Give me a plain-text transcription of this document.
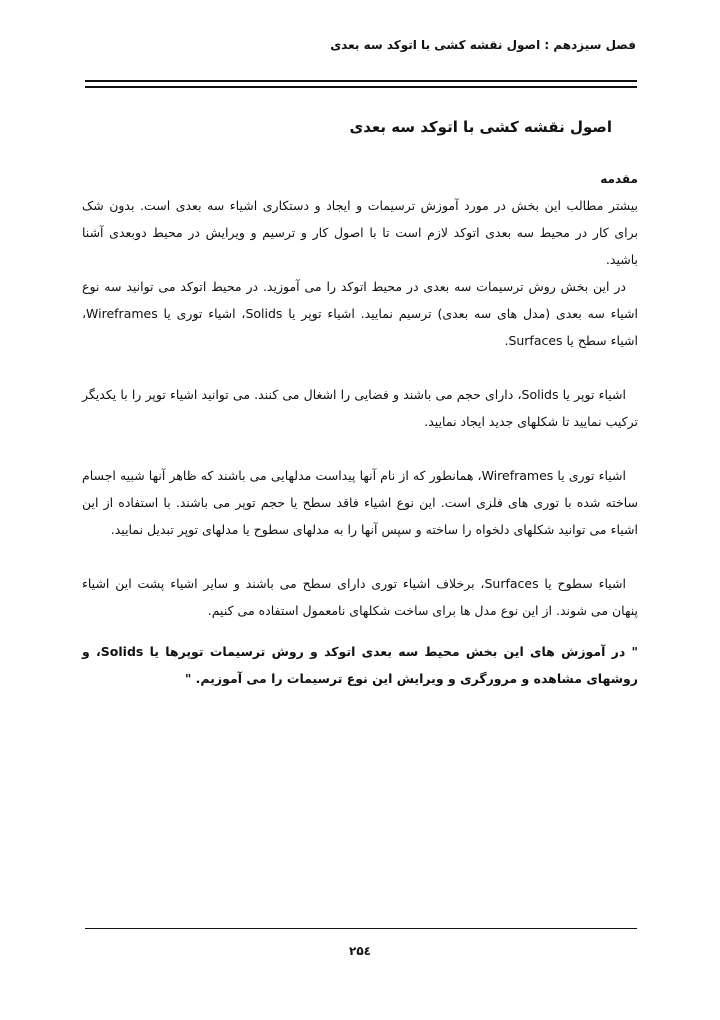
فصل سیزدهم : اصول نقشه کشی با اتوکد سه بعدی
اصول نقشه کشی با اتوکد سه بعدی
مقدمه

بیشتر مطالب این بخش در مورد آموزش ترسیمات و ایجاد و دستکاری اشیاء سه بعدی است. بدون شک برای کار در محیط سه بعدی اتوکد لازم است تا با اصول کار و ترسیم و ویرایش در محیط دوبعدی آشنا باشید.

در این بخش روش ترسیمات سه بعدی در محیط اتوکد را می آموزید. در محیط اتوکد می توانید سه نوع اشیاء سه بعدی (مدل های سه بعدی) ترسیم نمایید. اشیاء توپر یا Solids، اشیاء توری یا Wireframes، اشیاء سطح یا Surfaces.

اشیاء توپر یا Solids، دارای حجم می باشند و فضایی را اشغال می کنند. می توانید اشیاء توپر را با یکدیگر ترکیب نمایید تا شکلهای جدید ایجاد نمایید.

اشیاء توری یا Wireframes، همانطور که از نام آنها پیداست مدلهایی می باشند که ظاهر آنها شبیه اجسام ساخته شده با توری های فلزی است. این نوع اشیاء فاقد سطح یا حجم توپر می باشند. با استفاده از این اشیاء می توانید شکلهای دلخواه را ساخته و سپس آنها را به مدلهای سطوح یا مدلهای توپر تبدیل نمایید.

اشیاء سطوح یا Surfaces، برخلاف اشیاء توری دارای سطح می باشند و سایر اشیاء پشت این اشیاء پنهان می شوند. از این نوع مدل ها برای ساخت شکلهای نامعمول استفاده می کنیم.

" در آموزش های این بخش محیط سه بعدی اتوکد و روش ترسیمات توپرها یا Solids، و روشهای مشاهده و مرورگری و ویرایش این نوع ترسیمات را می آموزیم. "

۲۵٤
